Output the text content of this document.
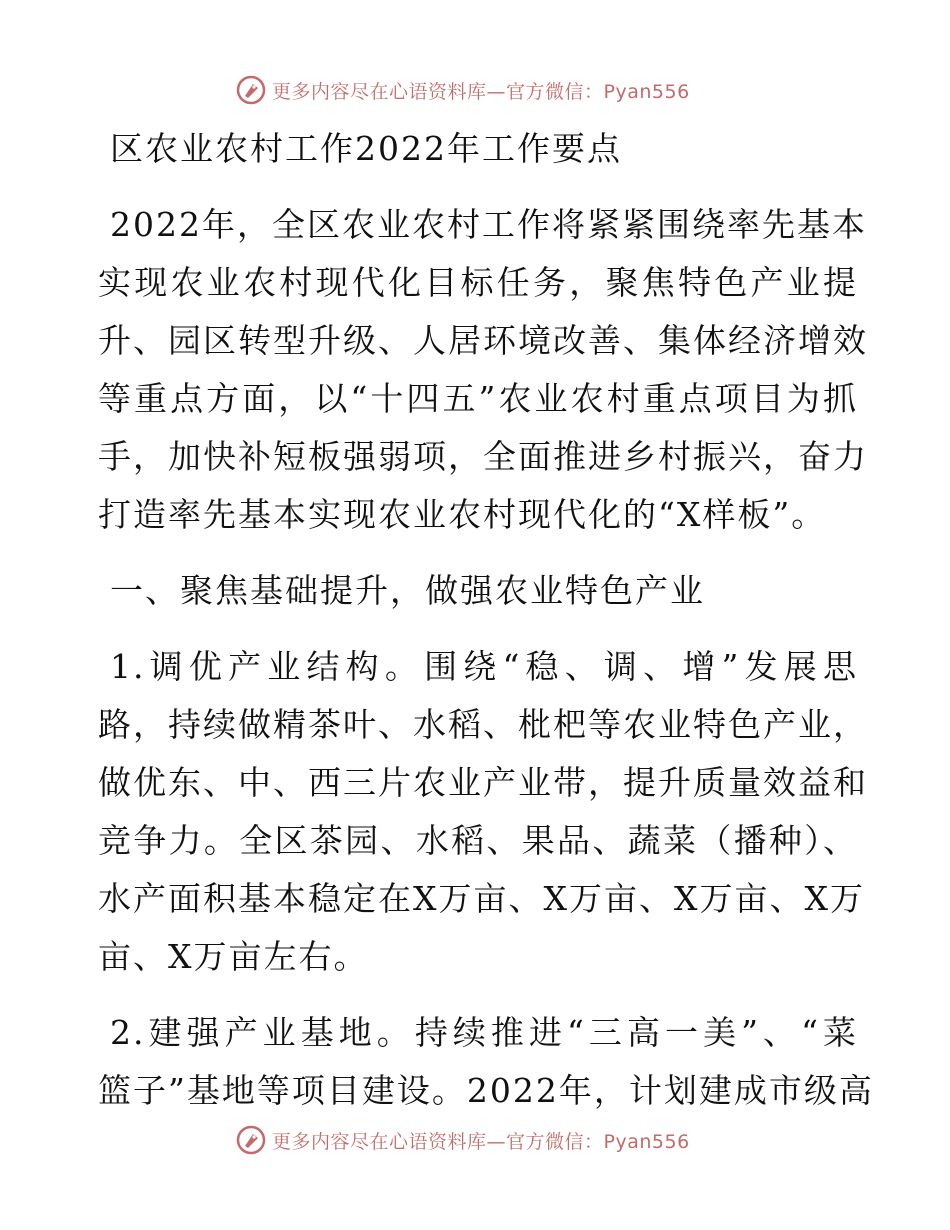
更多内容尽在心语资料库—官方微信：Pyan556
区农业农村工作2022年工作要点
2022年，全区农业农村工作将紧紧围绕率先基本
实现农业农村现代化目标任务，聚焦特色产业提
升、园区转型升级、人居环境改善、集体经济增效
等重点方面，以“十四五”农业农村重点项目为抓
手，加快补短板强弱项，全面推进乡村振兴，奋力
打造率先基本实现农业农村现代化的“X样板”。
一、聚焦基础提升，做强农业特色产业
1.调优产业结构。围绕“稳、调、增”发展思
路，持续做精茶叶、水稻、枇杷等农业特色产业，
做优东、中、西三片农业产业带，提升质量效益和
竞争力。全区茶园、水稻、果品、蔬菜（播种）、
水产面积基本稳定在X万亩、X万亩、X万亩、X万
亩、X万亩左右。
2.建强产业基地。持续推进“三高一美”、“菜
篮子”基地等项目建设。2022年，计划建成市级高
更多内容尽在心语资料库—官方微信：Pyan556
